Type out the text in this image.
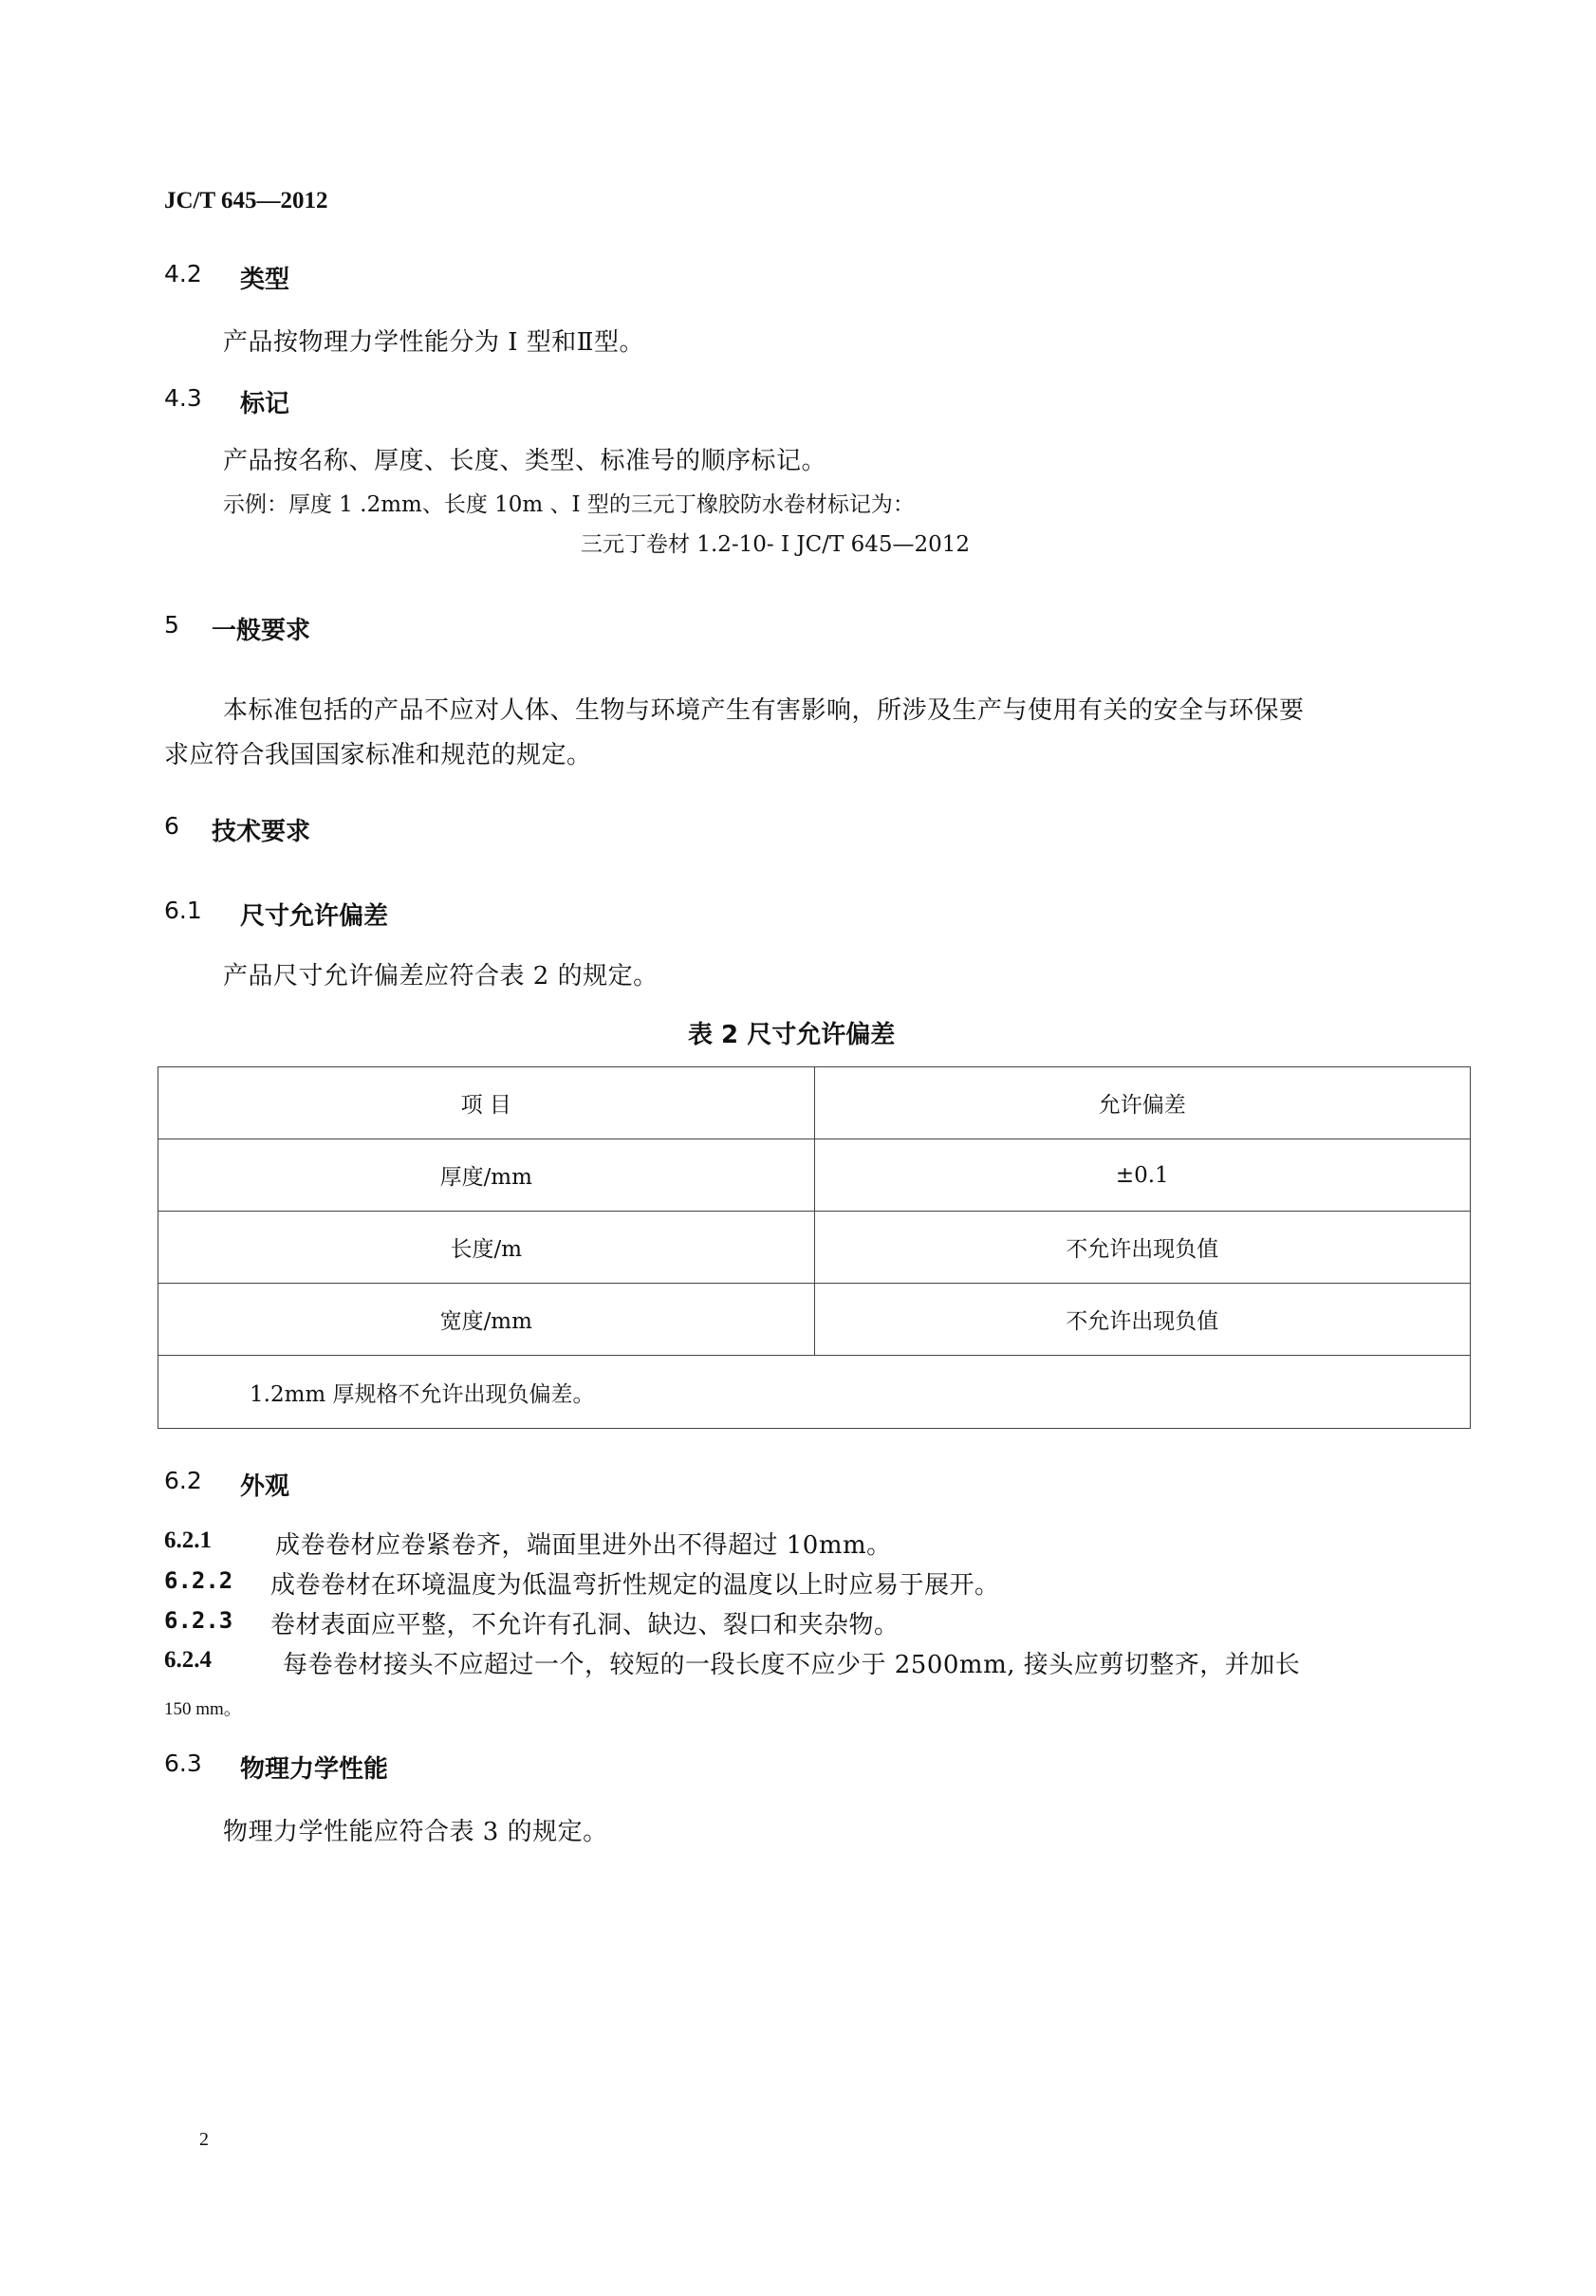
JC/T 645—2012
4.2 类型
产品按物理力学性能分为 Ⅰ 型和Ⅱ型。
4.3 标记
产品按名称、厚度、长度、类型、标准号的顺序标记。
示例：厚度 1 .2mm、长度 10m 、I 型的三元丁橡胶防水卷材标记为：
三元丁卷材 1.2-10- Ⅰ JC/T 645—2012
5 一般要求
本标准包括的产品不应对人体、生物与环境产生有害影响，所涉及生产与使用有关的安全与环保要
求应符合我国国家标准和规范的规定。
6 技术要求
6.1 尺寸允许偏差
产品尺寸允许偏差应符合表 2 的规定。
表 2 尺寸允许偏差
项 目	允许偏差
厚度/mm	±0.1
长度/m	不允许出现负值
宽度/mm	不允许出现负值
1.2mm 厚规格不允许出现负偏差。	
6.2 外观
6.2.1	成卷卷材应卷紧卷齐，端面里进外出不得超过 10mm。
6.2.2 成卷卷材在环境温度为低温弯折性规定的温度以上时应易于展开。
6.2.3 卷材表面应平整，不允许有孔洞、缺边、裂口和夹杂物。
6.2.4	每卷卷材接头不应超过一个，较短的一段长度不应少于 2500mm, 接头应剪切整齐，并加长
150 mm。
6.3 物理力学性能
物理力学性能应符合表 3 的规定。
2
